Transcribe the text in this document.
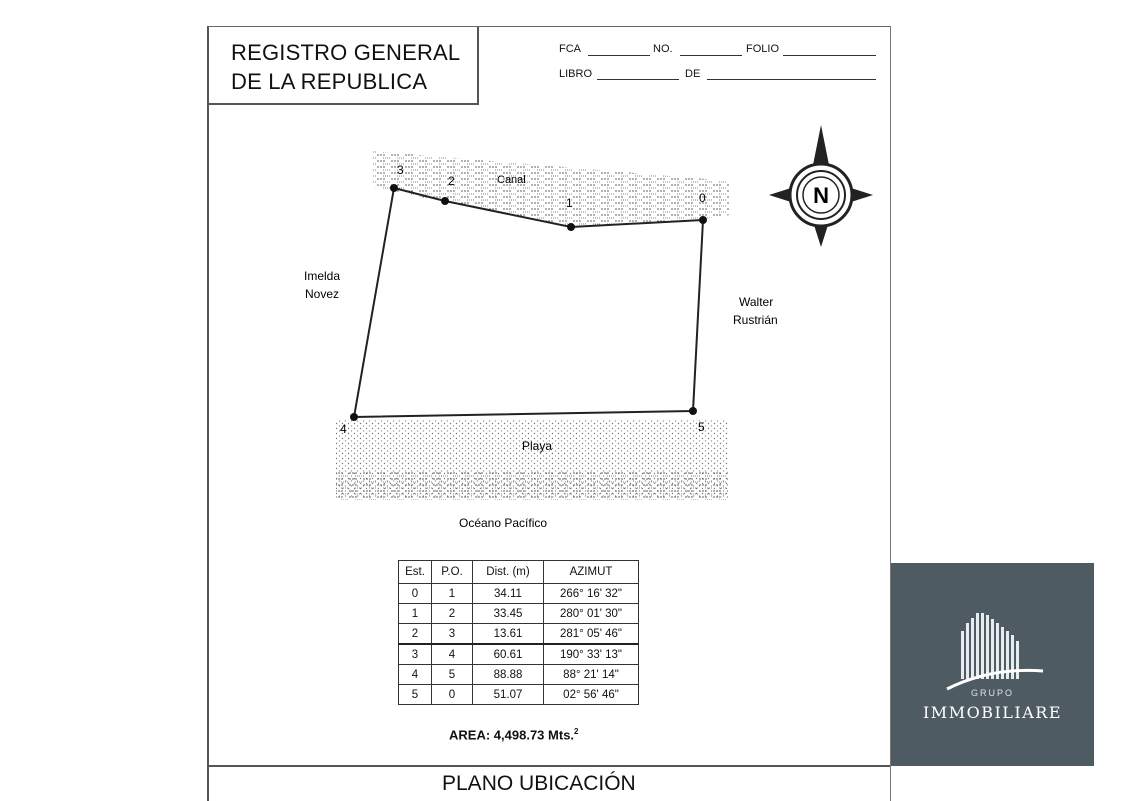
REGISTRO GENERAL
DE LA REPUBLICA
FCA	NO.	FOLIO
LIBRO	DE
0
1
2
3
4	5
Canal
Playa
Océano Pacífico
Imelda
Novez
Walter
Rustrián
N
Est.	P.O.	Dist. (m)	AZIMUT
0	1	34.11	266° 16' 32"
1	2	33.45	280° 01' 30"
2	3	13.61	281° 05' 46"
3	4	60.61	190° 33' 13"
4	5	88.88	88° 21' 14"
5	0	51.07	02° 56' 46"
AREA: 4,498.73 Mts.$^2$
PLANO UBICACIÓN
GRUPO
IMMOBILIARE
